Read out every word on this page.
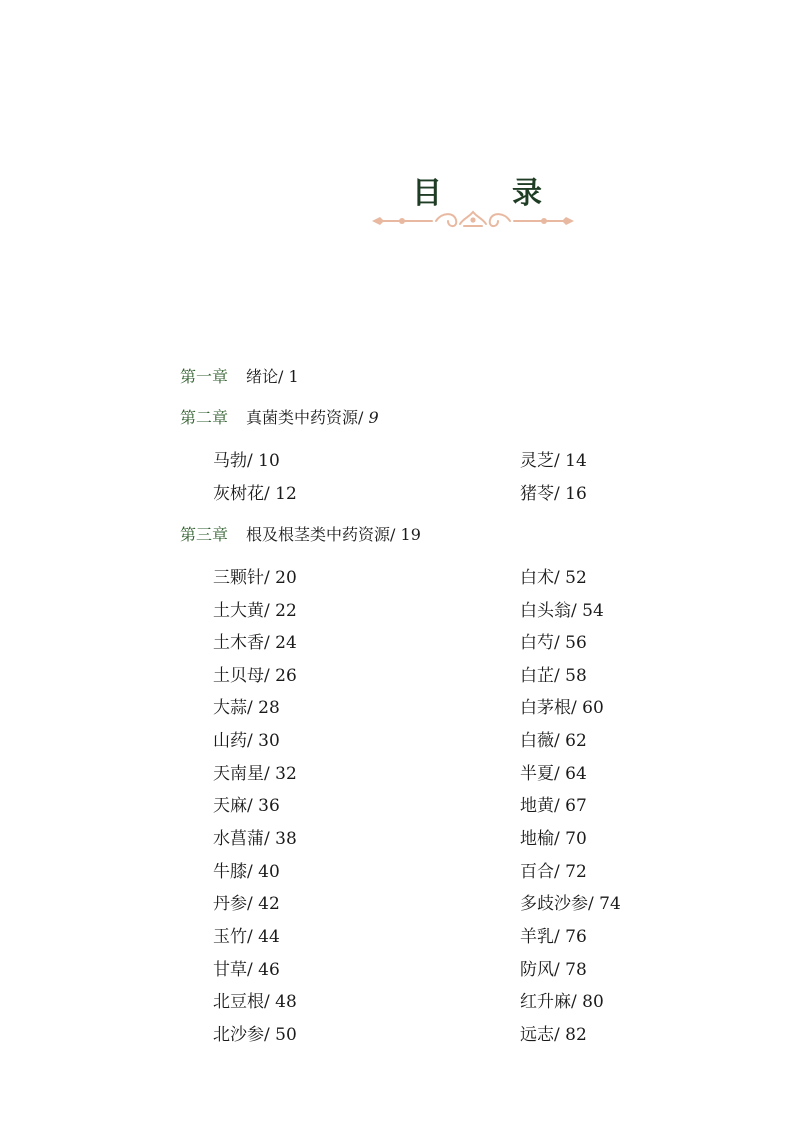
目 录
第一章 绪论/ 1
第二章 真菌类中药资源/ 9
马勃/ 10
灰树花/ 12
灵芝/ 14
猪苓/ 16
第三章 根及根茎类中药资源/ 19
三颗针/ 20
土大黄/ 22
土木香/ 24
土贝母/ 26
大蒜/ 28
山药/ 30
天南星/ 32
天麻/ 36
水菖蒲/ 38
牛膝/ 40
丹参/ 42
玉竹/ 44
甘草/ 46
北豆根/ 48
北沙参/ 50
白术/ 52
白头翁/ 54
白芍/ 56
白芷/ 58
白茅根/ 60
白薇/ 62
半夏/ 64
地黄/ 67
地榆/ 70
百合/ 72
多歧沙参/ 74
羊乳/ 76
防风/ 78
红升麻/ 80
远志/ 82
